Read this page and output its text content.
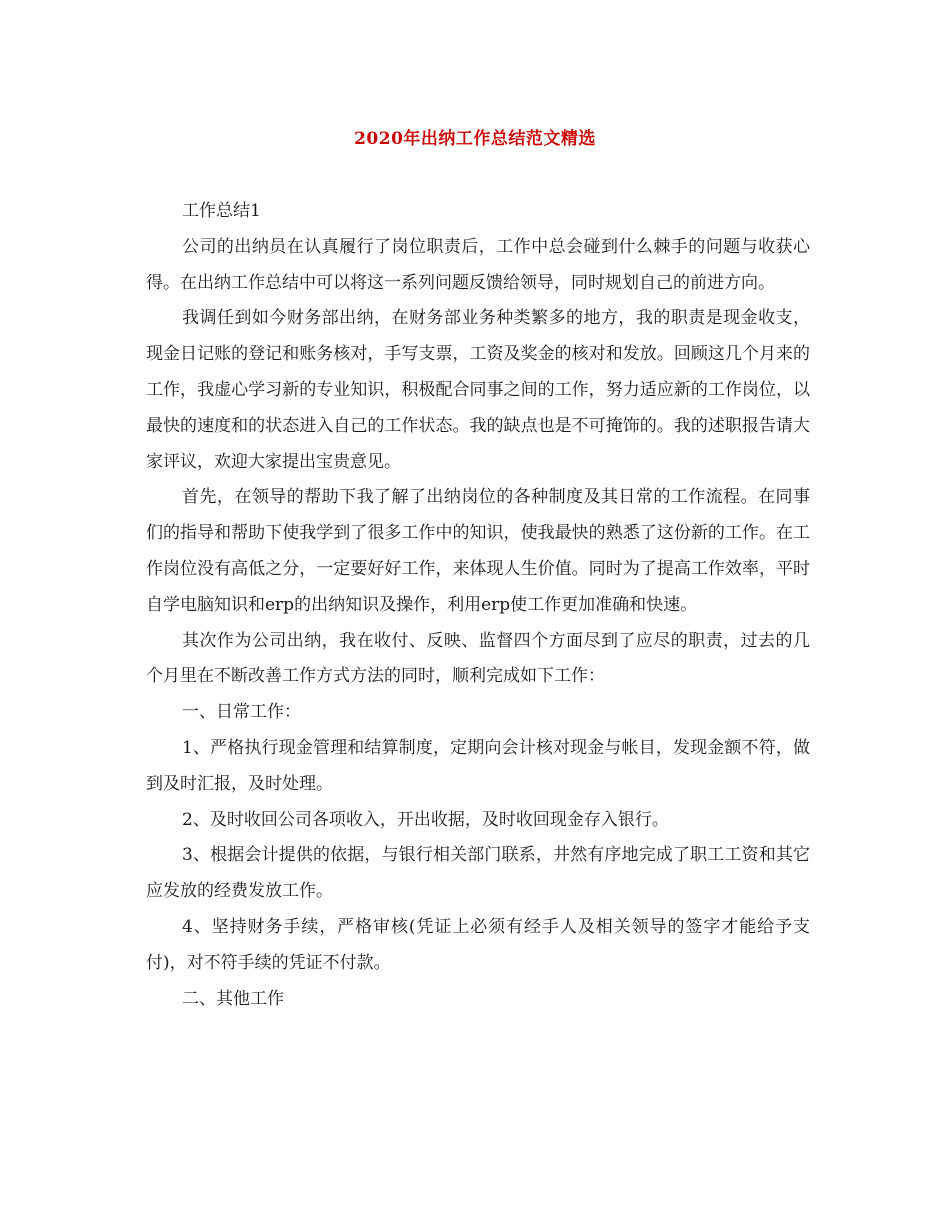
2020年出纳工作总结范文精选

工作总结1

公司的出纳员在认真履行了岗位职责后，工作中总会碰到什么棘手的问题与收获心得。在出纳工作总结中可以将这一系列问题反馈给领导，同时规划自己的前进方向。

我调任到如今财务部出纳，在财务部业务种类繁多的地方，我的职责是现金收支，现金日记账的登记和账务核对，手写支票，工资及奖金的核对和发放。回顾这几个月来的工作，我虚心学习新的专业知识，积极配合同事之间的工作，努力适应新的工作岗位，以最快的速度和的状态进入自己的工作状态。我的缺点也是不可掩饰的。我的述职报告请大家评议，欢迎大家提出宝贵意见。

首先，在领导的帮助下我了解了出纳岗位的各种制度及其日常的工作流程。在同事们的指导和帮助下使我学到了很多工作中的知识，使我最快的熟悉了这份新的工作。在工作岗位没有高低之分，一定要好好工作，来体现人生价值。同时为了提高工作效率，平时自学电脑知识和erp的出纳知识及操作，利用erp使工作更加准确和快速。

其次作为公司出纳，我在收付、反映、监督四个方面尽到了应尽的职责，过去的几个月里在不断改善工作方式方法的同时，顺利完成如下工作：

一、日常工作：

1、严格执行现金管理和结算制度，定期向会计核对现金与帐目，发现金额不符，做到及时汇报，及时处理。

2、及时收回公司各项收入，开出收据，及时收回现金存入银行。

3、根据会计提供的依据，与银行相关部门联系，井然有序地完成了职工工资和其它应发放的经费发放工作。

4、坚持财务手续，严格审核(凭证上必须有经手人及相关领导的签字才能给予支付)，对不符手续的凭证不付款。

二、其他工作
